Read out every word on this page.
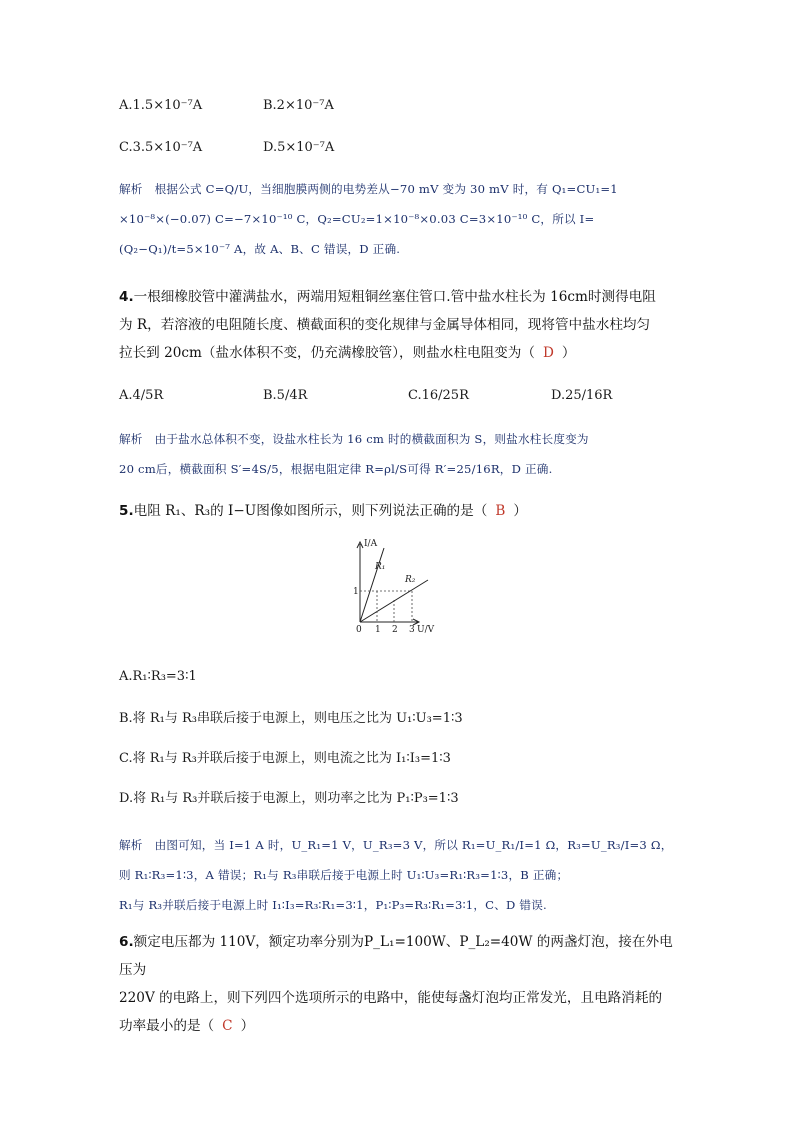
A.1.5×10⁻⁷A	B.2×10⁻⁷A
C.3.5×10⁻⁷A	D.5×10⁻⁷A
解析 根据公式 C=Q/U，当细胞膜两侧的电势差从−70 mV 变为 30 mV 时，有 Q₁=CU₁=1
×10⁻⁸×(−0.07) C=−7×10⁻¹⁰ C，Q₂=CU₂=1×10⁻⁸×0.03 C=3×10⁻¹⁰ C，所以 I=
(Q₂−Q₁)/t=5×10⁻⁷ A，故 A、B、C 错误，D 正确.
4.一根细橡胶管中灌满盐水，两端用短粗铜丝塞住管口.管中盐水柱长为 16cm时测得电阻
为 R，若溶液的电阻随长度、横截面积的变化规律与金属导体相同，现将管中盐水柱均匀
拉长到 20cm（盐水体积不变，仍充满橡胶管），则盐水柱电阻变为（ D ）
A.4/5R	B.5/4R	C.16/25R	D.25/16R
解析 由于盐水总体积不变，设盐水柱长为 16 cm 时的横截面积为 S，则盐水柱长度变为
20 cm后，横截面积 S′=4S/5，根据电阻定律 R=ρl/S可得 R′=25/16R，D 正确.
5.电阻 R₁、R₃的 I−U图像如图所示，则下列说法正确的是（ B ）
I/A
U/V
0 1 2 3
1
R₁
R₂
A.R₁∶R₃=3∶1
B.将 R₁与 R₃串联后接于电源上，则电压之比为 U₁∶U₃=1∶3
C.将 R₁与 R₃并联后接于电源上，则电流之比为 I₁∶I₃=1∶3
D.将 R₁与 R₃并联后接于电源上，则功率之比为 P₁∶P₃=1∶3
解析 由图可知，当 I=1 A 时，U_R₁=1 V，U_R₃=3 V，所以 R₁=U_R₁/I=1 Ω，R₃=U_R₃/I=3 Ω，
则 R₁∶R₃=1∶3，A 错误；R₁与 R₃串联后接于电源上时 U₁∶U₃=R₁∶R₃=1∶3，B 正确；
R₁与 R₃并联后接于电源上时 I₁∶I₃=R₃∶R₁=3∶1，P₁∶P₃=R₃∶R₁=3∶1，C、D 错误.
6.额定电压都为 110V，额定功率分别为P_L₁=100W、P_L₂=40W 的两盏灯泡，接在外电压为
220V 的电路上，则下列四个选项所示的电路中，能使每盏灯泡均正常发光，且电路消耗的
功率最小的是（ C ）
